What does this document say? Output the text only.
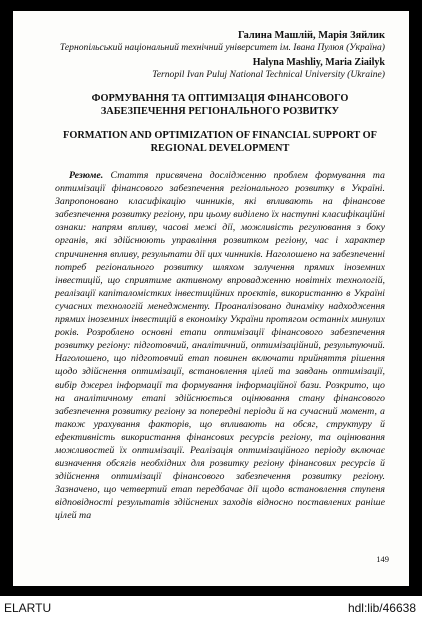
Галина Машлій, Марія Зяйлик
Тернопільський національний технічний університет ім. Івана Пулюя (Україна)
Halyna Mashliy, Maria Ziailyk
Ternopil Ivan Puluj National Technical University (Ukraine)
ФОРМУВАННЯ ТА ОПТИМІЗАЦІЯ ФІНАНСОВОГО ЗАБЕЗПЕЧЕННЯ РЕГІОНАЛЬНОГО РОЗВИТКУ
FORMATION AND OPTIMIZATION OF FINANCIAL SUPPORT OF REGIONAL DEVELOPMENT
Резюме. Стаття присвячена дослідженню проблем формування та оптимізації фінансового забезпечення регіонального розвитку в Україні. Запропоновано класифікацію чинників, які впливають на фінансове забезпечення розвитку регіону, при цьому виділено їх наступні класифікаційні ознаки: напрям впливу, часові межі дії, можливість регулювання з боку органів, які здійснюють управління розвитком регіону, час і характер спричинення впливу, результати дії цих чинників. Наголошено на забезпеченні потреб регіонального розвитку шляхом залучення прямих іноземних інвестицій, що сприятиме активному впровадженню новітніх технологій, реалізації капіталомістких інвестиційних проєктів, використанню в Україні сучасних технологій менеджменту. Проаналізовано динаміку надходження прямих іноземних інвестицій в економіку України протягом останніх минулих років. Розроблено основні етапи оптимізації фінансового забезпечення розвитку регіону: підготовчий, аналітичний, оптимізаційний, результуючий. Наголошено, що підготовчий етап повинен включати прийняття рішення щодо здійснення оптимізації, встановлення цілей та завдань оптимізації, вибір джерел інформації та формування інформаційної бази. Розкрито, що на аналітичному етапі здійснюється оцінювання стану фінансового забезпечення розвитку регіону за попередні періоди й на сучасний момент, а також урахування факторів, що впливають на обсяг, структуру й ефективність використання фінансових ресурсів регіону, та оцінювання можливостей їх оптимізації. Реалізація оптимізаційного періоду включає визначення обсягів необхідних для розвитку регіону фінансових ресурсів й здійснення оптимізації фінансового забезпечення розвитку регіону. Зазначено, що четвертий етап передбачає дії щодо встановлення ступеня відповідності результатів здійснених заходів відносно поставлених раніше цілей та
149
ELARTU	hdl:lib/46638
